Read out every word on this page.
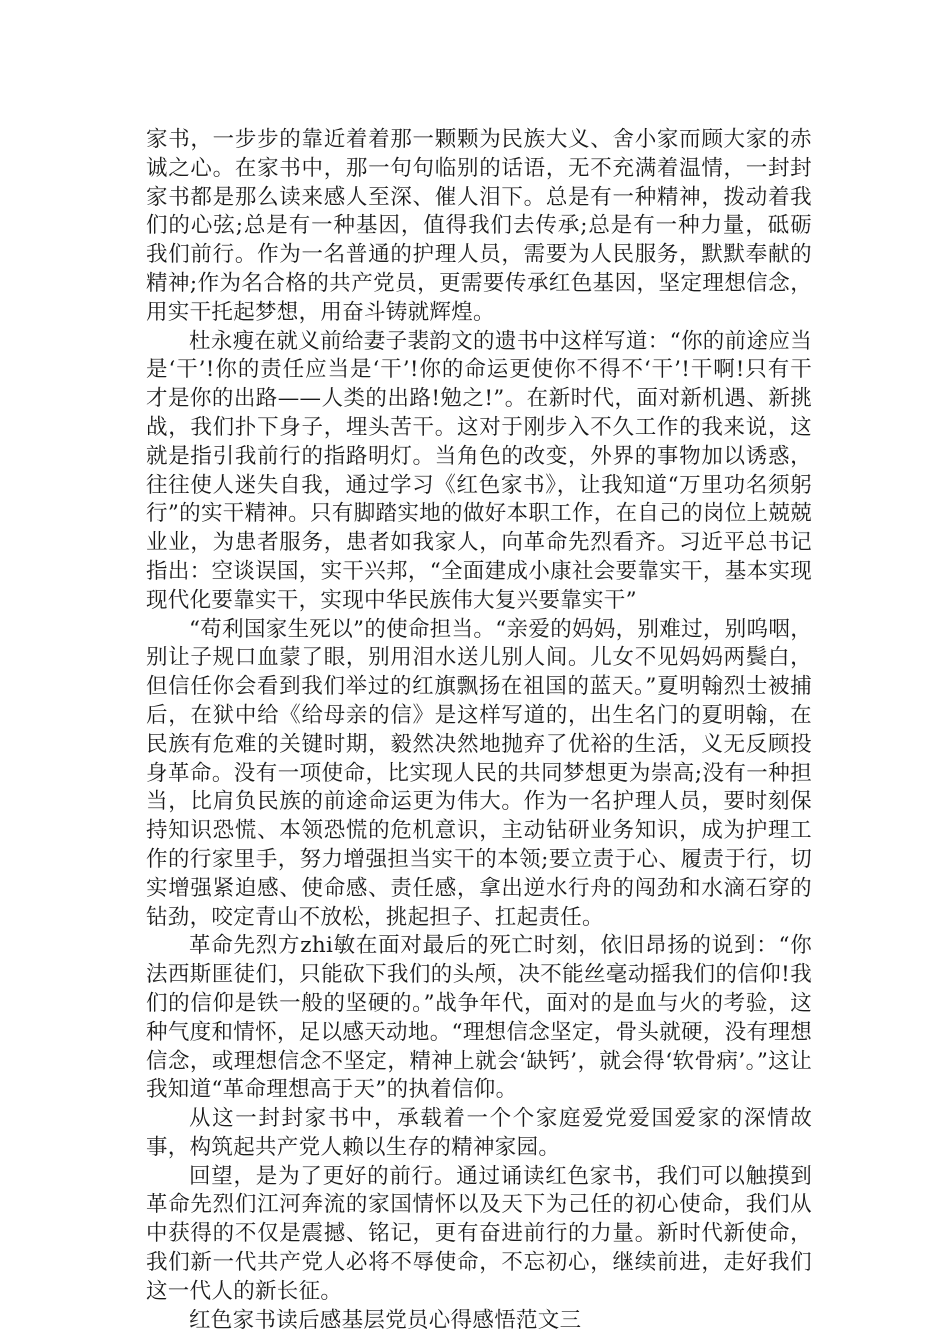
家书，一步步的靠近着着那一颗颗为民族大义、舍小家而顾大家的赤诚之心。在家书中，那一句句临别的话语，无不充满着温情，一封封家书都是那么读来感人至深、催人泪下。总是有一种精神，拨动着我们的心弦;总是有一种基因，值得我们去传承;总是有一种力量，砥砺我们前行。作为一名普通的护理人员，需要为人民服务，默默奉献的精神;作为名合格的共产党员，更需要传承红色基因，坚定理想信念，用实干托起梦想，用奋斗铸就辉煌。

杜永瘦在就义前给妻子裴韵文的遗书中这样写道：“你的前途应当是‘干’!你的责任应当是‘干’!你的命运更使你不得不‘干’!干啊!只有干才是你的出路——人类的出路!勉之!”。在新时代，面对新机遇、新挑战，我们扑下身子，埋头苦干。这对于刚步入不久工作的我来说，这就是指引我前行的指路明灯。当角色的改变，外界的事物加以诱惑，往往使人迷失自我，通过学习《红色家书》，让我知道“万里功名须躬行”的实干精神。只有脚踏实地的做好本职工作，在自己的岗位上兢兢业业，为患者服务，患者如我家人，向革命先烈看齐。习近平总书记指出：空谈误国，实干兴邦，“全面建成小康社会要靠实干，基本实现现代化要靠实干，实现中华民族伟大复兴要靠实干”

“苟利国家生死以”的使命担当。“亲爱的妈妈，别难过，别呜咽，别让子规口血蒙了眼，别用泪水送儿别人间。儿女不见妈妈两鬓白，但信任你会看到我们举过的红旗飘扬在祖国的蓝天。”夏明翰烈士被捕后，在狱中给《给母亲的信》是这样写道的，出生名门的夏明翰，在民族有危难的关键时期，毅然决然地抛弃了优裕的生活，义无反顾投身革命。没有一项使命，比实现人民的共同梦想更为崇高;没有一种担当，比肩负民族的前途命运更为伟大。作为一名护理人员，要时刻保持知识恐慌、本领恐慌的危机意识，主动钻研业务知识，成为护理工作的行家里手，努力增强担当实干的本领;要立责于心、履责于行，切实增强紧迫感、使命感、责任感，拿出逆水行舟的闯劲和水滴石穿的钻劲，咬定青山不放松，挑起担子、扛起责任。

革命先烈方zhi敏在面对最后的死亡时刻，依旧昂扬的说到：“你法西斯匪徒们，只能砍下我们的头颅，决不能丝毫动摇我们的信仰!我们的信仰是铁一般的坚硬的。”战争年代，面对的是血与火的考验，这种气度和情怀，足以感天动地。“理想信念坚定，骨头就硬，没有理想信念，或理想信念不坚定，精神上就会‘缺钙’，就会得‘软骨病’。”这让我知道“革命理想高于天”的执着信仰。

从这一封封家书中，承载着一个个家庭爱党爱国爱家的深情故事，构筑起共产党人赖以生存的精神家园。

回望，是为了更好的前行。通过诵读红色家书，我们可以触摸到革命先烈们江河奔流的家国情怀以及天下为己任的初心使命，我们从中获得的不仅是震撼、铭记，更有奋进前行的力量。新时代新使命，我们新一代共产党人必将不辱使命，不忘初心，继续前进，走好我们这一代人的新长征。

红色家书读后感基层党员心得感悟范文三
